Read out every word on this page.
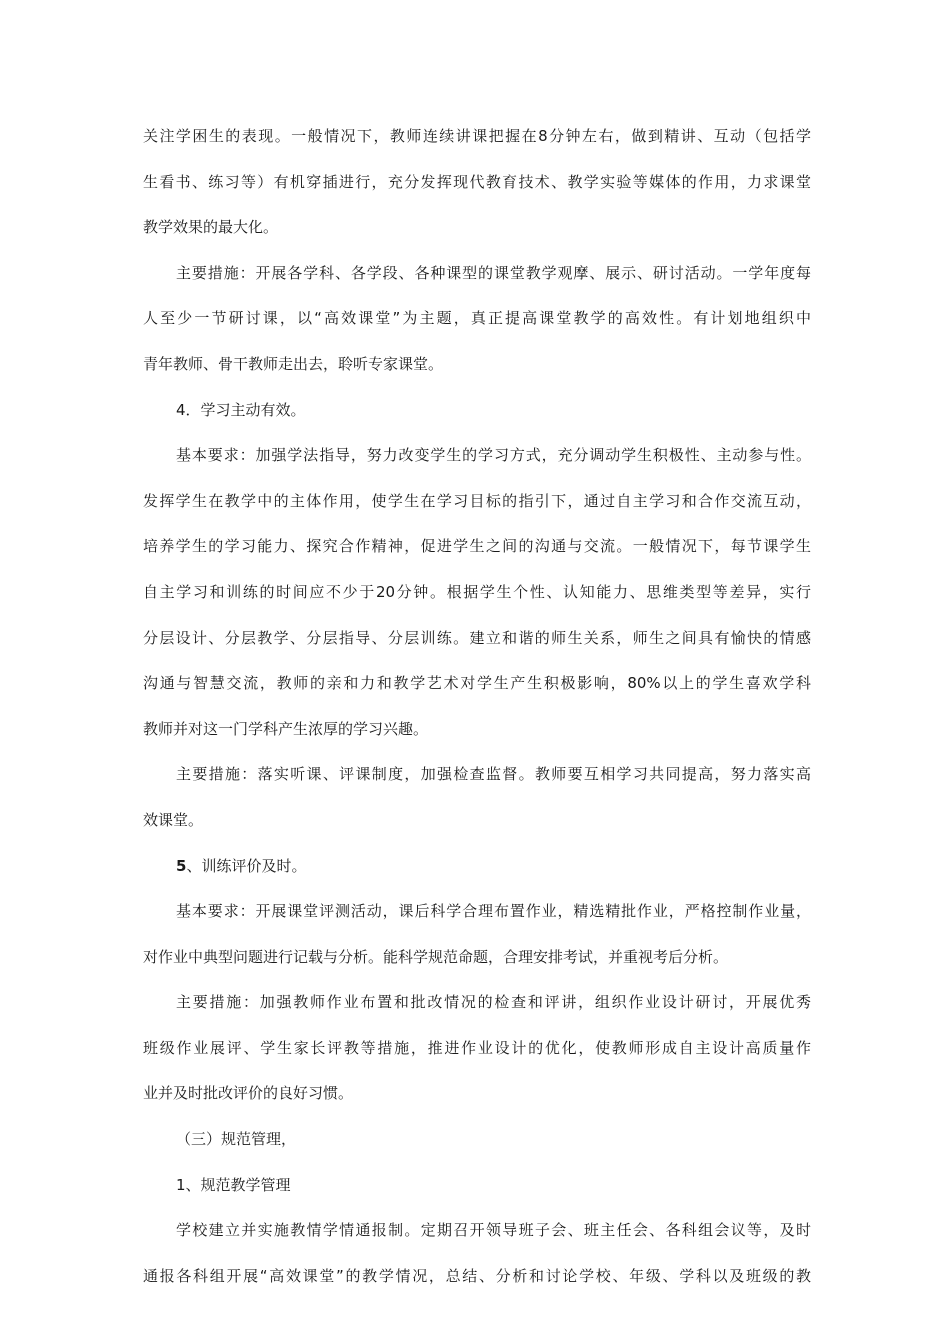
关注学困生的表现。一般情况下，教师连续讲课把握在8分钟左右，做到精讲、互动（包括学
生看书、练习等）有机穿插进行，充分发挥现代教育技术、教学实验等媒体的作用，力求课堂
教学效果的最大化。
主要措施：开展各学科、各学段、各种课型的课堂教学观摩、展示、研讨活动。一学年度每
人至少一节研讨课，以“高效课堂”为主题，真正提高课堂教学的高效性。有计划地组织中
青年教师、骨干教师走出去，聆听专家课堂。
4．学习主动有效。
基本要求：加强学法指导，努力改变学生的学习方式，充分调动学生积极性、主动参与性。
发挥学生在教学中的主体作用，使学生在学习目标的指引下，通过自主学习和合作交流互动，
培养学生的学习能力、探究合作精神，促进学生之间的沟通与交流。一般情况下，每节课学生
自主学习和训练的时间应不少于20分钟。根据学生个性、认知能力、思维类型等差异，实行
分层设计、分层教学、分层指导、分层训练。建立和谐的师生关系，师生之间具有愉快的情感
沟通与智慧交流，教师的亲和力和教学艺术对学生产生积极影响，80%以上的学生喜欢学科
教师并对这一门学科产生浓厚的学习兴趣。
主要措施：落实听课、评课制度，加强检查监督。教师要互相学习共同提高，努力落实高
效课堂。
5、训练评价及时。
基本要求：开展课堂评测活动，课后科学合理布置作业，精选精批作业，严格控制作业量，
对作业中典型问题进行记载与分析。能科学规范命题，合理安排考试，并重视考后分析。
主要措施：加强教师作业布置和批改情况的检查和评讲，组织作业设计研讨，开展优秀
班级作业展评、学生家长评教等措施，推进作业设计的优化，使教师形成自主设计高质量作
业并及时批改评价的良好习惯。
（三）规范管理，
1、规范教学管理
学校建立并实施教情学情通报制。定期召开领导班子会、班主任会、各科组会议等，及时
通报各科组开展“高效课堂”的教学情况，总结、分析和讨论学校、年级、学科以及班级的教
